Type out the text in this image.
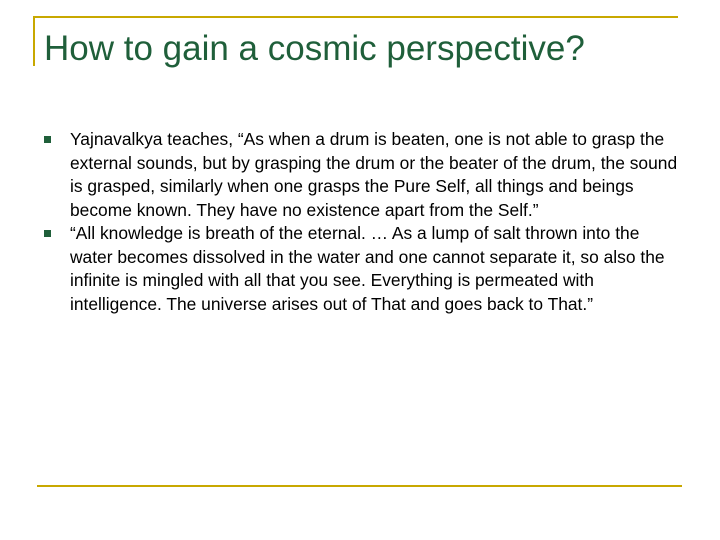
How to gain a cosmic perspective?
Yajnavalkya teaches, “As when a drum is beaten, one is not able to grasp the external sounds, but by grasping the drum or the beater of the drum, the sound is grasped, similarly when one grasps the Pure Self, all things and beings become known. They have no existence apart from the Self.”
“All knowledge is breath of the eternal. … As a lump of salt thrown into the water becomes dissolved in the water and one cannot separate it, so also the infinite is mingled with all that you see. Everything is permeated with intelligence. The universe arises out of That and goes back to That.”
